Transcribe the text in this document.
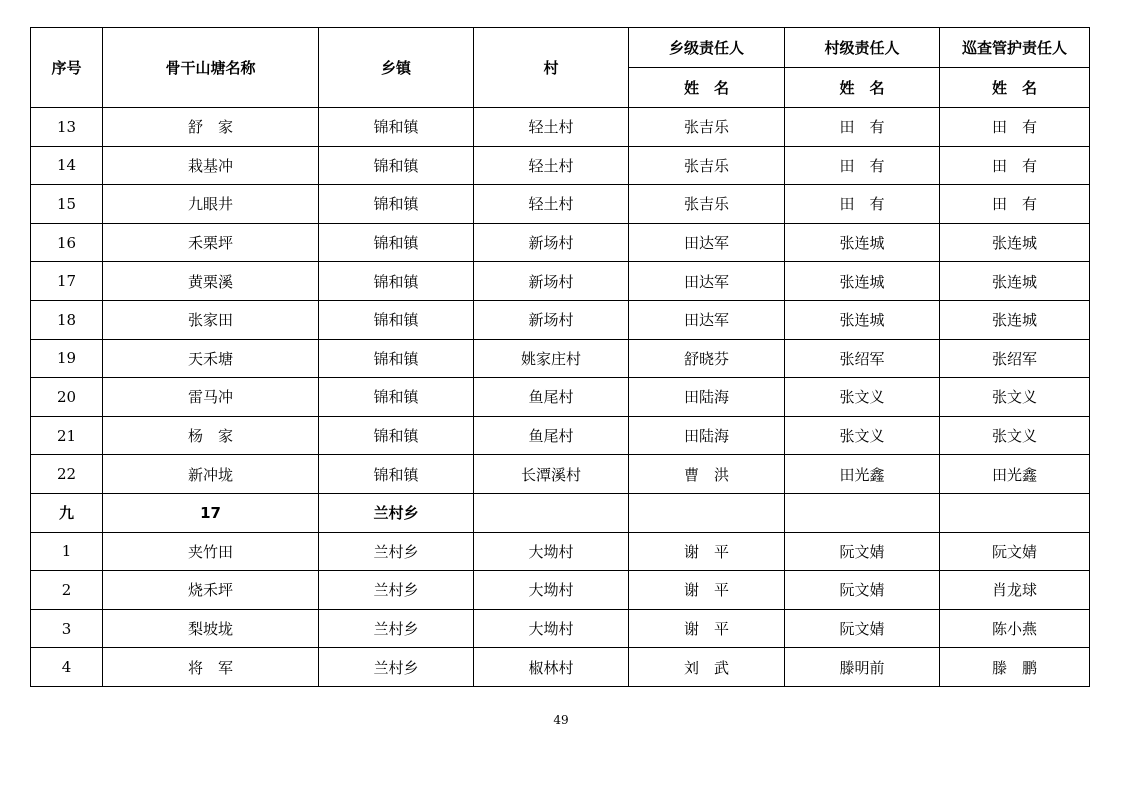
序号	骨干山塘名称	乡镇	村	乡级责任人	村级责任人	巡查管护责任人
				姓　名	姓　名	姓　名
13	舒　家	锦和镇	轻土村	张吉乐	田　有	田　有
14	栽基冲	锦和镇	轻土村	张吉乐	田　有	田　有
15	九眼井	锦和镇	轻土村	张吉乐	田　有	田　有
16	禾栗坪	锦和镇	新场村	田达军	张连城	张连城
17	黄栗溪	锦和镇	新场村	田达军	张连城	张连城
18	张家田	锦和镇	新场村	田达军	张连城	张连城
19	天禾塘	锦和镇	姚家庄村	舒晓芬	张绍军	张绍军
20	雷马冲	锦和镇	鱼尾村	田陆海	张文义	张文义
21	杨　家	锦和镇	鱼尾村	田陆海	张文义	张文义
22	新冲垅	锦和镇	长潭溪村	曹　洪	田光鑫	田光鑫
九	17	兰村乡				
1	夹竹田	兰村乡	大坳村	谢　平	阮文婧	阮文婧
2	烧禾坪	兰村乡	大坳村	谢　平	阮文婧	肖龙球
3	梨坡垅	兰村乡	大坳村	谢　平	阮文婧	陈小燕
4	将　军	兰村乡	椒林村	刘　武	滕明前	滕　鹏
49
